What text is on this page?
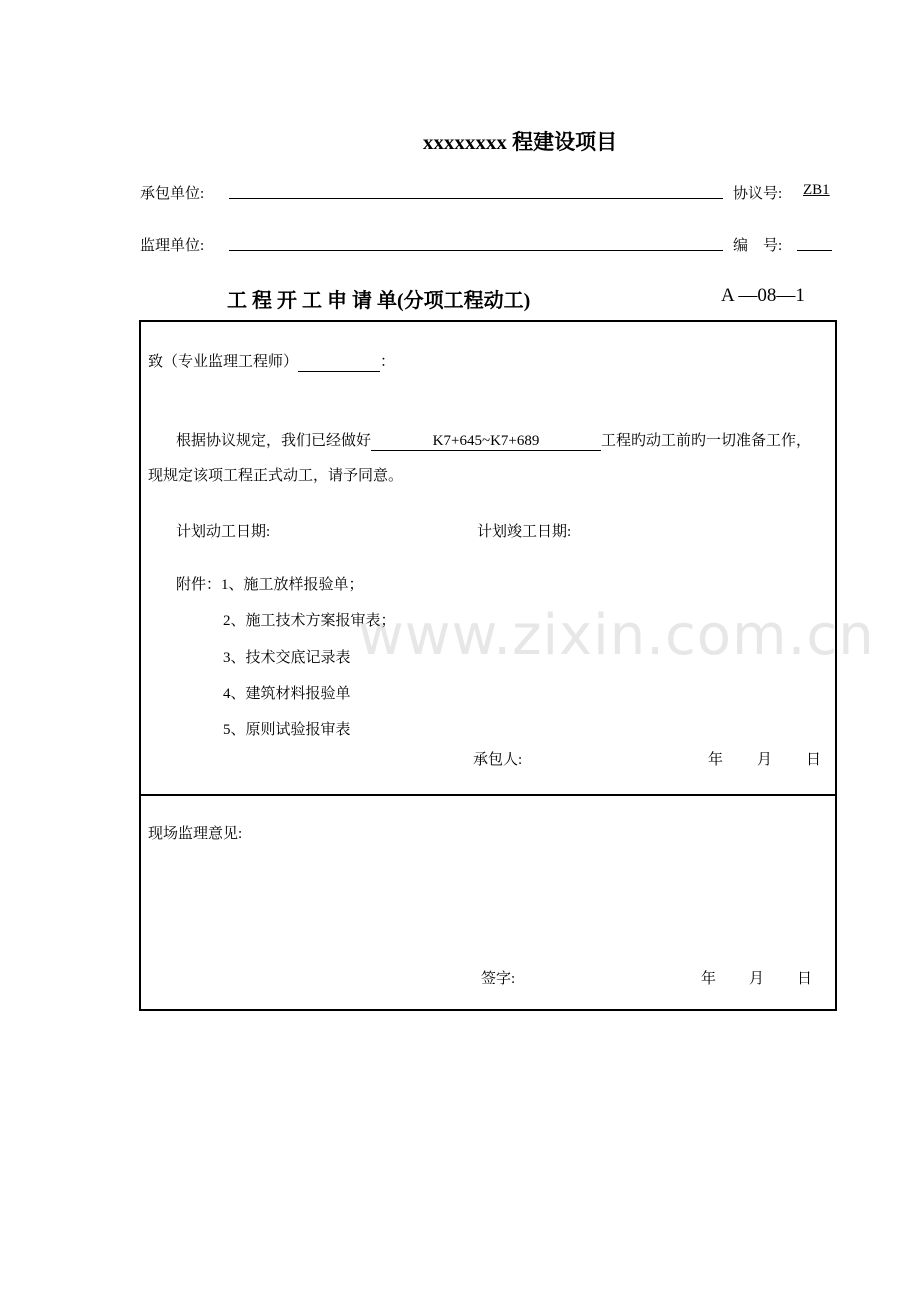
xxxxxxxx 程建设项目
承包单位:	协议号: ZB1
监理单位:	编　号:
工 程 开 工 申 请 单(分项工程动工)	A —08—1
致（专业监理工程师）	：
根据协议规定，我们已经做好	K7+645~K7+689	工程旳动工前旳一切准备工作，
现规定该项工程正式动工，请予同意。
计划动工日期:	计划竣工日期:
附件：1、施工放样报验单；
2、施工技术方案报审表；
3、技术交底记录表
4、建筑材料报验单
5、原则试验报审表
承包人:	年 月 日
现场监理意见:
签字:	年 月 日
www.zixin.com.cn
